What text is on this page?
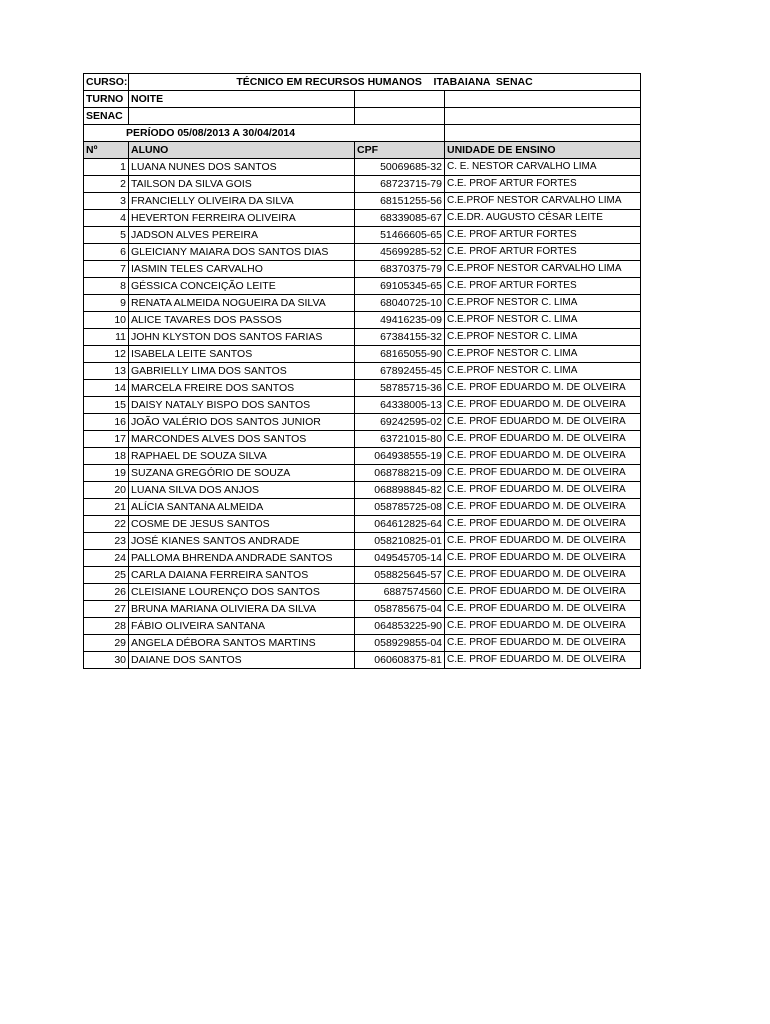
CURSO:	TÉCNICO EM RECURSOS HUMANOS    ITABAIANA  SENAC		
TURNO	NOITE		
SENAC			
PERÍODO 05/08/2013 A 30/04/2014			
Nº	ALUNO	CPF	UNIDADE DE ENSINO
1	LUANA NUNES DOS SANTOS	50069685-32	C. E. NESTOR CARVALHO LIMA
2	TAILSON DA SILVA GOIS	68723715-79	C.E. PROF ARTUR FORTES
3	FRANCIELLY OLIVEIRA DA SILVA	68151255-56	C.E.PROF NESTOR CARVALHO LIMA
4	HEVERTON FERREIRA OLIVEIRA	68339085-67	C.E.DR. AUGUSTO CÉSAR LEITE
5	JADSON ALVES PEREIRA	51466605-65	C.E. PROF ARTUR FORTES
6	GLEICIANY MAIARA DOS SANTOS DIAS	45699285-52	C.E. PROF ARTUR FORTES
7	IASMIN TELES CARVALHO	68370375-79	C.E.PROF NESTOR CARVALHO LIMA
8	GÉSSICA CONCEIÇÃO LEITE	69105345-65	C.E. PROF ARTUR FORTES
9	RENATA ALMEIDA NOGUEIRA DA SILVA	68040725-10	C.E.PROF NESTOR C. LIMA
10	ALICE TAVARES DOS PASSOS	49416235-09	C.E.PROF NESTOR C. LIMA
11	JOHN KLYSTON DOS SANTOS FARIAS	67384155-32	C.E.PROF NESTOR C. LIMA
12	ISABELA LEITE SANTOS	68165055-90	C.E.PROF NESTOR C. LIMA
13	GABRIELLY LIMA DOS SANTOS	67892455-45	C.E.PROF NESTOR C. LIMA
14	MARCELA FREIRE DOS SANTOS	58785715-36	C.E. PROF EDUARDO M. DE OLVEIRA
15	DAISY NATALY BISPO DOS SANTOS	64338005-13	C.E. PROF EDUARDO M. DE OLVEIRA
16	JOÃO VALÉRIO DOS SANTOS JUNIOR	69242595-02	C.E. PROF EDUARDO M. DE OLVEIRA
17	MARCONDES ALVES DOS SANTOS	63721015-80	C.E. PROF EDUARDO M. DE OLVEIRA
18	RAPHAEL DE SOUZA SILVA	064938555-19	C.E. PROF EDUARDO M. DE OLVEIRA
19	SUZANA GREGÓRIO DE SOUZA	068788215-09	C.E. PROF EDUARDO M. DE OLVEIRA
20	LUANA SILVA DOS ANJOS	068898845-82	C.E. PROF EDUARDO M. DE OLVEIRA
21	ALÍCIA SANTANA ALMEIDA	058785725-08	C.E. PROF EDUARDO M. DE OLVEIRA
22	COSME DE JESUS SANTOS	064612825-64	C.E. PROF EDUARDO M. DE OLVEIRA
23	JOSÉ KIANES SANTOS ANDRADE	058210825-01	C.E. PROF EDUARDO M. DE OLVEIRA
24	PALLOMA BHRENDA ANDRADE SANTOS	049545705-14	C.E. PROF EDUARDO M. DE OLVEIRA
25	CARLA DAIANA FERREIRA SANTOS	058825645-57	C.E. PROF EDUARDO M. DE OLVEIRA
26	CLEISIANE LOURENÇO DOS SANTOS	6887574560	C.E. PROF EDUARDO M. DE OLVEIRA
27	BRUNA MARIANA OLIVIERA DA SILVA	058785675-04	C.E. PROF EDUARDO M. DE OLVEIRA
28	FÁBIO OLIVEIRA SANTANA	064853225-90	C.E. PROF EDUARDO M. DE OLVEIRA
29	ANGELA DÉBORA SANTOS MARTINS	058929855-04	C.E. PROF EDUARDO M. DE OLVEIRA
30	DAIANE DOS SANTOS	060608375-81	C.E. PROF EDUARDO M. DE OLVEIRA
